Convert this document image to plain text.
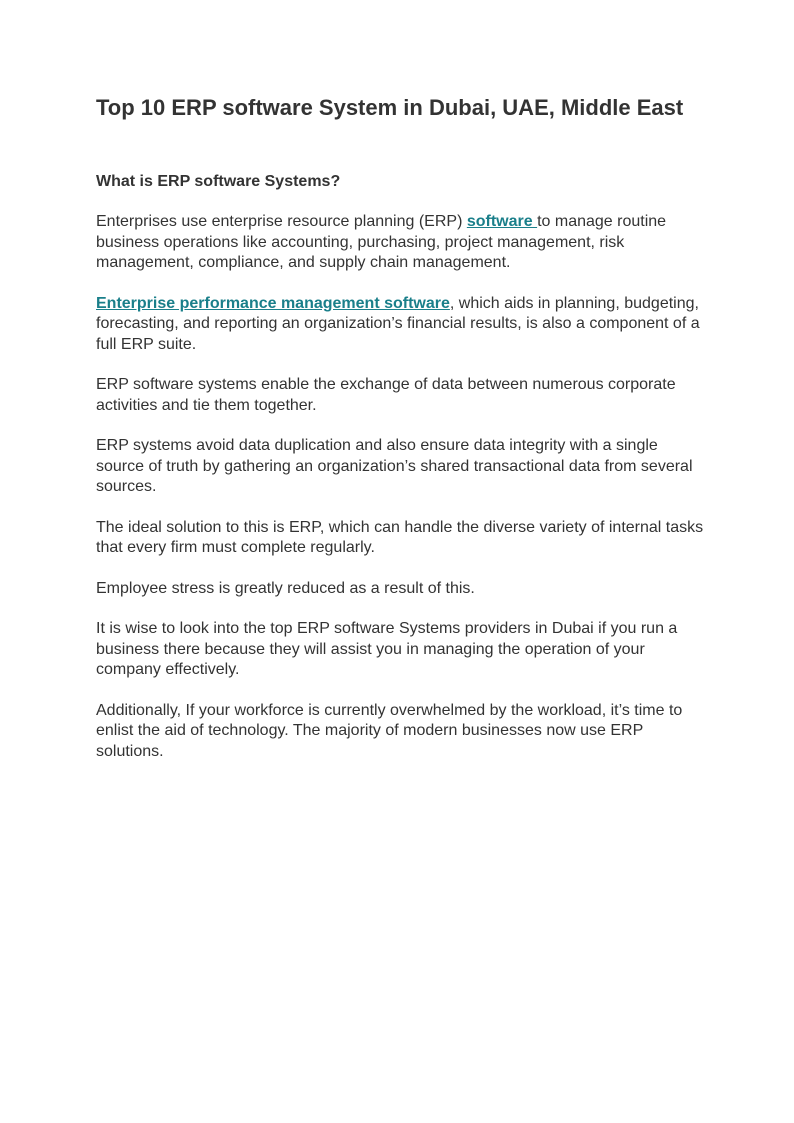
Top 10 ERP software System in Dubai, UAE, Middle East
What is ERP software Systems?

Enterprises use enterprise resource planning (ERP) software to manage routine business operations like accounting, purchasing, project management, risk management, compliance, and supply chain management.

Enterprise performance management software, which aids in planning, budgeting, forecasting, and reporting an organization’s financial results, is also a component of a full ERP suite.

ERP software systems enable the exchange of data between numerous corporate activities and tie them together.

ERP systems avoid data duplication and also ensure data integrity with a single source of truth by gathering an organization’s shared transactional data from several sources.

The ideal solution to this is ERP, which can handle the diverse variety of internal tasks that every firm must complete regularly.

Employee stress is greatly reduced as a result of this.

It is wise to look into the top ERP software Systems providers in Dubai if you run a business there because they will assist you in managing the operation of your company effectively.

Additionally, If your workforce is currently overwhelmed by the workload, it’s time to enlist the aid of technology. The majority of modern businesses now use ERP solutions.
